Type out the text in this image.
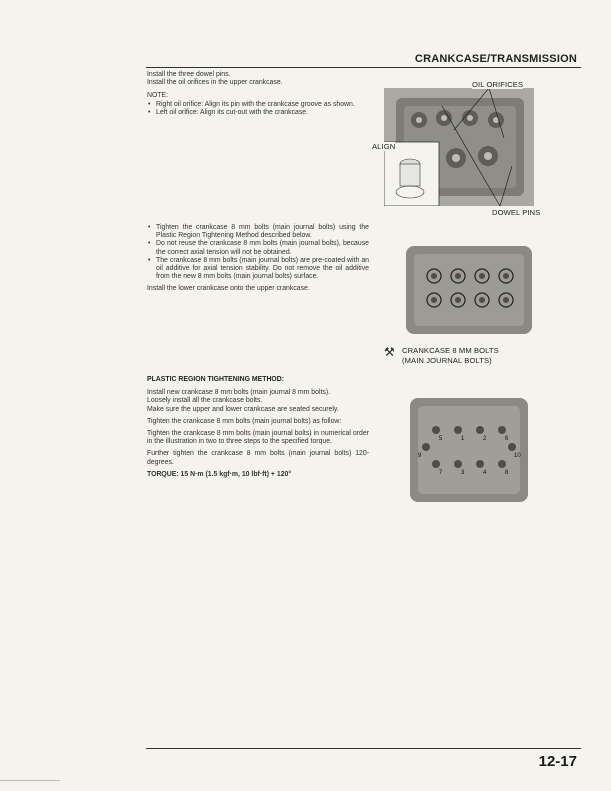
CRANKCASE/TRANSMISSION

Install the three dowel pins.

Install the oil orifices in the upper crankcase.

NOTE:

• Right oil orifice: Align its pin with the crankcase groove as shown.
• Left oil orifice: Align its cut-out with the crankcase.
• Tighten the crankcase 8 mm bolts (main journal bolts) using the Plastic Region Tightening Method described below.
• Do not reuse the crankcase 8 mm bolts (main journal bolts), because the correct axial tension will not be obtained.
• The crankcase 8 mm bolts (main journal bolts) are pre-coated with an oil additive for axial tension stability. Do not remove the oil additive from the new 8 mm bolts (main journal bolts) surface.

Install the lower crankcase onto the upper crankcase.

PLASTIC REGION TIGHTENING METHOD:

Install new crankcase 8 mm bolts (main journal 8 mm bolts).

Loosely install all the crankcase bolts.

Make sure the upper and lower crankcase are seated securely.

Tighten the crankcase 8 mm bolts (main journal bolts) as follow:

Tighten the crankcase 8 mm bolts (main journal bolts) in numerical order in the illustration in two to three steps to the specified torque.

Further tighten the crankcase 8 mm bolts (main journal bolts) 120-degrees.

TORQUE: 15 N·m (1.5 kgf·m, 10 lbf·ft) + 120°

OIL ORIFICES
ALIGN
DOWEL PINS
⚒ CRANKCASE 8 MM BOLTS
(MAIN JOURNAL BOLTS)
1	2
3	4
5	6
7	8
9	10
12-17
